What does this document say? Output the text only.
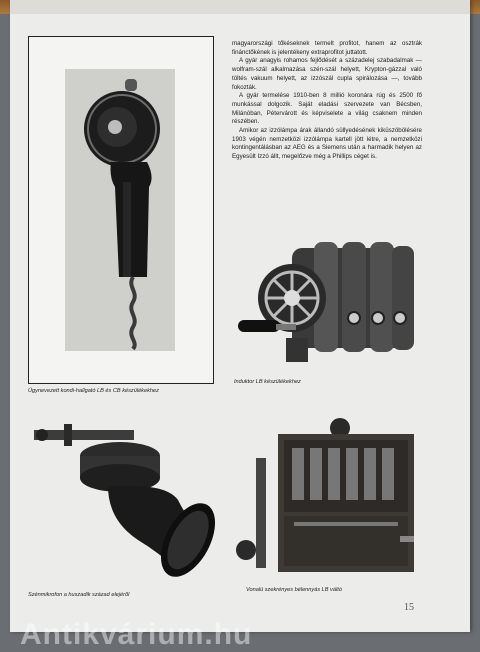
Úgynevezett kondi-hallgató LB és CB készülékekhez

magyarországi tőkéseknek termelt profitot, hanem az osztrák finánctőkének is jelentékeny extraprofitot juttatott.

A gyár anagyis rohamos fejlődését a századelej szabadalmak — wolfram-szál alkalmazása szén-szál helyett, Krypton-gázzal való töltés vakuum helyett, az izzószál cupla spirálozása —, tovább fokozták.

A gyár termelése 1910-ben 8 millió koronára rúg és 2500 fő munkással dolgozik. Saját eladási szervezete van Bécsben, Milánóban, Pétervárott és képviselete a világ csaknem minden részében.

Amikor az izzólámpa árak állandó süllyedésének kiküszöbölésére 1903 végén nemzetközi izzólámpa kartell jött létre, a nemzetközi kontingentálásban az AEG és a Siemens után a harmadik helyen az Egyesült Izzó állt, megelőzve még a Phillips céget is.

Induktor LB készülékekhez
Szénmikrofon a huszadik század elejéről
Vonalú szekrényes bélennyás LB váltó
15
Antikvárium.hu
